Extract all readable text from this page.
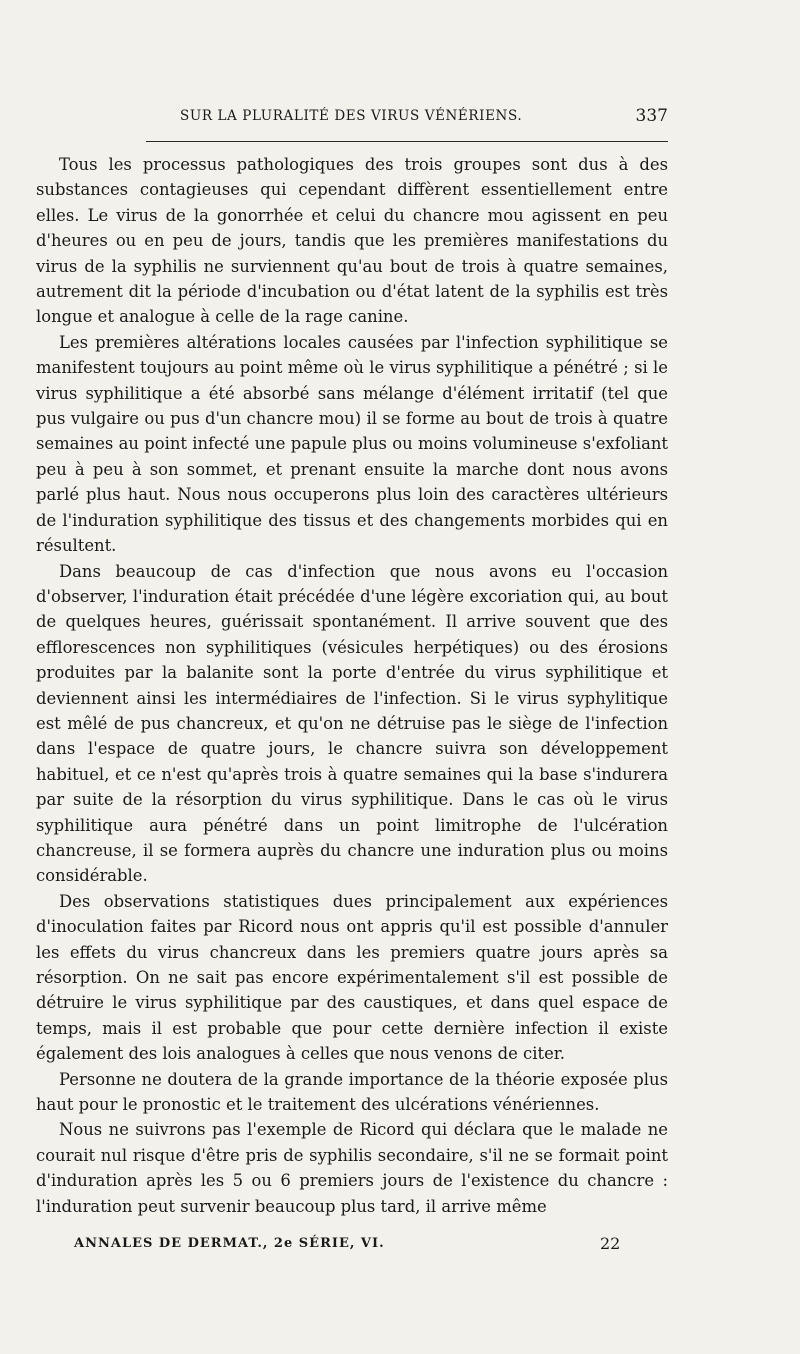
SUR LA PLURALITÉ DES VIRUS VÉNÉRIENS.	337

Tous les processus pathologiques des trois groupes sont dus à des substances contagieuses qui cependant diffèrent essentiellement entre elles. Le virus de la gonorrhée et celui du chancre mou agissent en peu d'heures ou en peu de jours, tandis que les premières manifestations du virus de la syphilis ne surviennent qu'au bout de trois à quatre semaines, autrement dit la période d'incubation ou d'état latent de la syphilis est très longue et analogue à celle de la rage canine.

Les premières altérations locales causées par l'infection syphilitique se manifestent toujours au point même où le virus syphilitique a pénétré ; si le virus syphilitique a été absorbé sans mélange d'élément irritatif (tel que pus vulgaire ou pus d'un chancre mou) il se forme au bout de trois à quatre semaines au point infecté une papule plus ou moins volumineuse s'exfoliant peu à peu à son sommet, et prenant ensuite la marche dont nous avons parlé plus haut. Nous nous occuperons plus loin des caractères ultérieurs de l'induration syphilitique des tissus et des changements morbides qui en résultent.

Dans beaucoup de cas d'infection que nous avons eu l'occasion d'observer, l'induration était précédée d'une légère excoriation qui, au bout de quelques heures, guérissait spontanément. Il arrive souvent que des efflorescences non syphilitiques (vésicules herpétiques) ou des érosions produites par la balanite sont la porte d'entrée du virus syphilitique et deviennent ainsi les intermédiaires de l'infection. Si le virus syphylitique est mêlé de pus chancreux, et qu'on ne détruise pas le siège de l'infection dans l'espace de quatre jours, le chancre suivra son développement habituel, et ce n'est qu'après trois à quatre semaines qui la base s'indurera par suite de la résorption du virus syphilitique. Dans le cas où le virus syphilitique aura pénétré dans un point limitrophe de l'ulcération chancreuse, il se formera auprès du chancre une induration plus ou moins considérable.

Des observations statistiques dues principalement aux expériences d'inoculation faites par Ricord nous ont appris qu'il est possible d'annuler les effets du virus chancreux dans les premiers quatre jours après sa résorption. On ne sait pas encore expérimentalement s'il est possible de détruire le virus syphilitique par des caustiques, et dans quel espace de temps, mais il est probable que pour cette dernière infection il existe également des lois analogues à celles que nous venons de citer.

Personne ne doutera de la grande importance de la théorie exposée plus haut pour le pronostic et le traitement des ulcérations vénériennes.

Nous ne suivrons pas l'exemple de Ricord qui déclara que le malade ne courait nul risque d'être pris de syphilis secondaire, s'il ne se formait point d'induration après les 5 ou 6 premiers jours de l'existence du chancre : l'induration peut survenir beaucoup plus tard, il arrive même

ANNALES DE DERMAT., 2e SÉRIE, VI.	22
